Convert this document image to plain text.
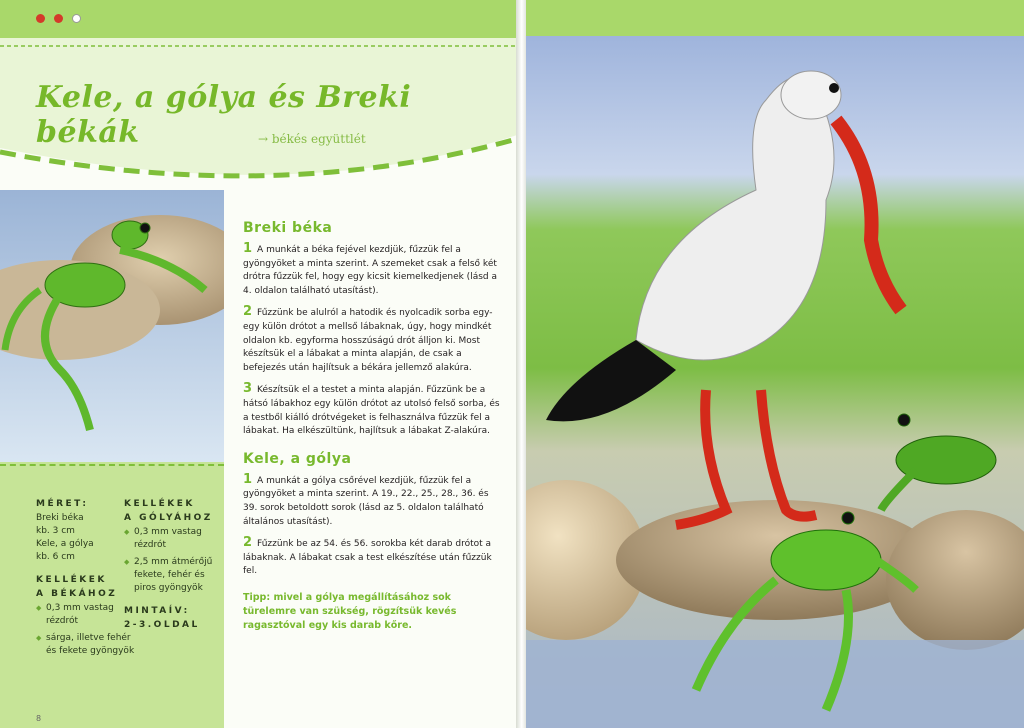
Kele, a gólya és Breki békák	→ békés együttlét
MÉRET:
Breki béka
kb. 3 cm
Kele, a gólya
kb. 6 cm
KELLÉKEK
A BÉKÁHOZ
◆ 0,3 mm vastag rézdrót
◆ sárga, illetve fehér és fekete gyöngyök
KELLÉKEK
A GÓLYÁHOZ
◆ 0,3 mm vastag rézdrót
◆ 2,5 mm átmérőjű fekete, fehér és piros gyöngyök
MINTAÍV:
2-3.OLDAL
Breki béka
1 A munkát a béka fejével kezdjük, fűzzük fel a gyöngyöket a minta szerint. A szemeket csak a felső két drótra fűzzük fel, hogy egy kicsit kiemelkedjenek (lásd a 4. oldalon található utasítást).
2 Fűzzünk be alulról a hatodik és nyolcadik sorba egy-egy külön drótot a mellső lábaknak, úgy, hogy mindkét oldalon kb. egyforma hosszúságú drót álljon ki. Most készítsük el a lábakat a minta alapján, de csak a befejezés után hajlítsuk a békára jellemző alakúra.
3 Készítsük el a testet a minta alapján. Fűzzünk be a hátsó lábakhoz egy külön drótot az utolsó felső sorba, és a testből kiálló drótvégeket is felhasználva fűzzük fel a lábakat. Ha elkészültünk, hajlítsuk a lábakat Z-alakúra.
Kele, a gólya
1 A munkát a gólya csőrével kezdjük, fűzzük fel a gyöngyöket a minta szerint. A 19., 22., 25., 28., 36. és 39. sorok betoldott sorok (lásd az 5. oldalon található általános utasítást).
2 Fűzzünk be az 54. és 56. sorokba két darab drótot a lábaknak. A lábakat csak a test elkészítése után fűzzük fel.
Tipp: mivel a gólya megállításához sok türelemre van szükség, rögzítsük kevés ragasztóval egy kis darab kőre.
8
